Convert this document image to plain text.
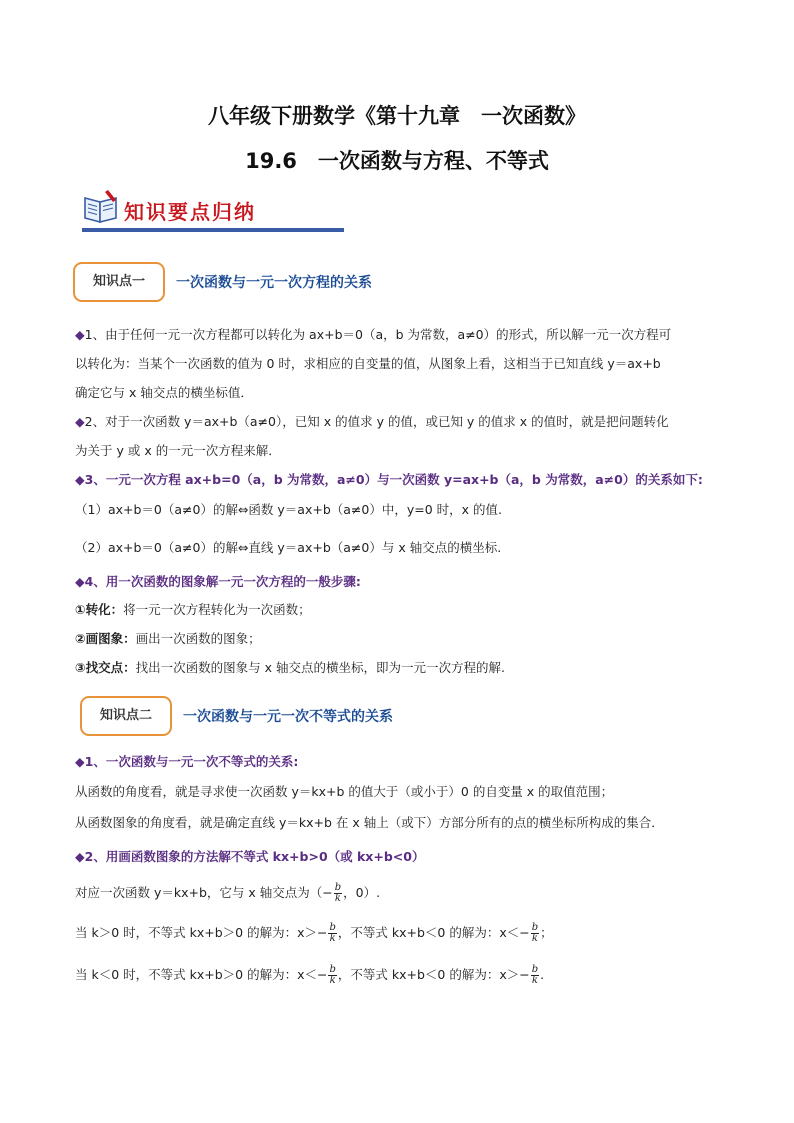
八年级下册数学《第十九章　一次函数》
19.6　一次函数与方程、不等式
知识要点归纳
知识点一	一次函数与一元一次方程的关系
◆1、由于任何一元一次方程都可以转化为 ax+b＝0（a，b 为常数，a≠0）的形式，所以解一元一次方程可
以转化为：当某个一次函数的值为 0 时，求相应的自变量的值，从图象上看，这相当于已知直线 y＝ax+b
确定它与 x 轴交点的横坐标值．
◆2、对于一次函数 y＝ax+b（a≠0），已知 x 的值求 y 的值，或已知 y 的值求 x 的值时，就是把问题转化
为关于 y 或 x 的一元一次方程来解．
◆3、一元一次方程 ax+b=0（a，b 为常数，a≠0）与一次函数 y=ax+b（a，b 为常数，a≠0）的关系如下:
（1）ax+b＝0（a≠0）的解⇔函数 y＝ax+b（a≠0）中，y=0 时，x 的值.
（2）ax+b＝0（a≠0）的解⇔直线 y＝ax+b（a≠0）与 x 轴交点的横坐标.
◆4、用一次函数的图象解一元一次方程的一般步骤:
①转化：将一元一次方程转化为一次函数；
②画图象：画出一次函数的图象；
③找交点：找出一次函数的图象与 x 轴交点的横坐标，即为一元一次方程的解.
知识点二	一次函数与一元一次不等式的关系
◆1、一次函数与一元一次不等式的关系:
从函数的角度看，就是寻求使一次函数 y＝kx+b 的值大于（或小于）0 的自变量 x 的取值范围；
从函数图象的角度看，就是确定直线 y＝kx+b 在 x 轴上（或下）方部分所有的点的横坐标所构成的集合．
◆2、用画函数图象的方法解不等式 kx+b>0（或 kx+b<0）
对应一次函数 y＝kx+b，它与 x 轴交点为（− $\frac{b}{k}$ ，0）.
当 k＞0 时，不等式 kx+b＞0 的解为：$x>- \frac{b}{k}$ ，不等式 kx+b＜0 的解为：$x<- \frac{b}{k}$ ；
当 k＜0 时，不等式 kx+b＞0 的解为：$x<- \frac{b}{k}$ ，不等式 kx+b＜0 的解为：$x>- \frac{b}{k}$ .
